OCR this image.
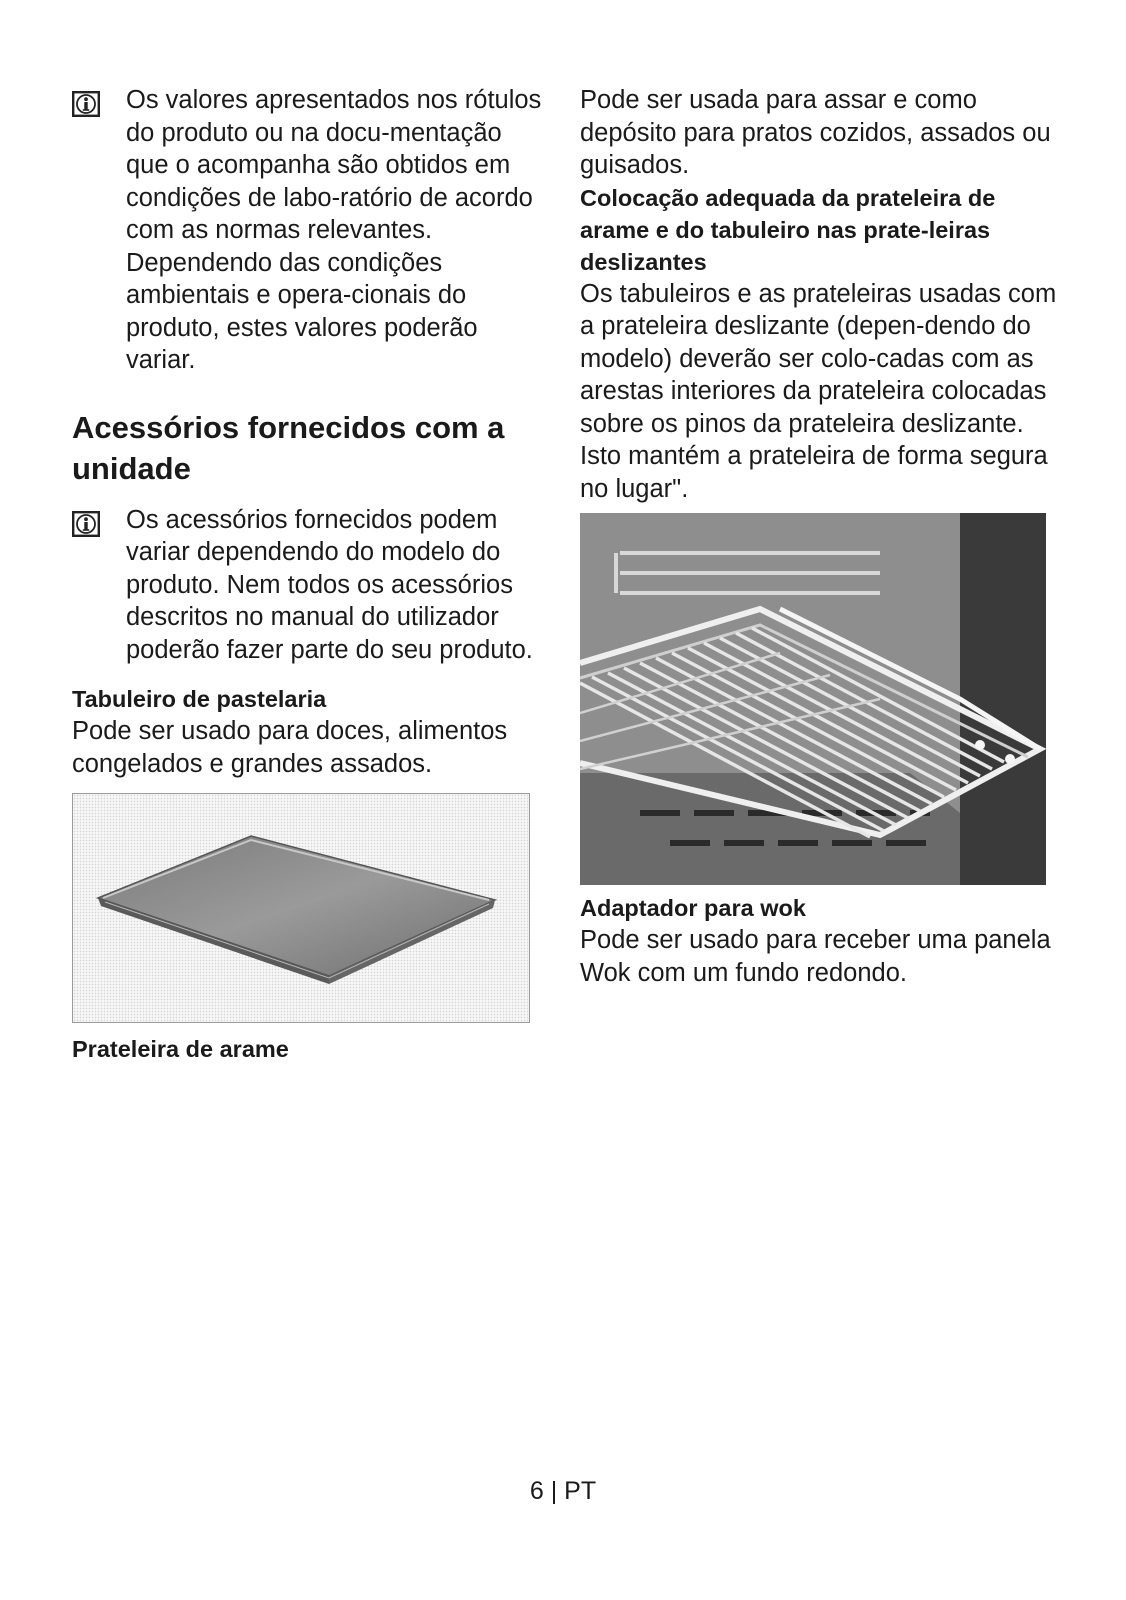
Os valores apresentados nos rótulos do produto ou na docu-mentação que o acompanha são obtidos em condições de labo-ratório de acordo com as normas relevantes. Dependendo das condições ambientais e opera-cionais do produto, estes valores poderão variar.

Acessórios fornecidos com a unidade

Os acessórios fornecidos podem variar dependendo do modelo do produto. Nem todos os acessórios descritos no manual do utilizador poderão fazer parte do seu produto.

Tabuleiro de pastelaria

Pode ser usado para doces, alimentos congelados e grandes assados.

Prateleira de arame

Pode ser usada para assar e como depósito para pratos cozidos, assados ou guisados.

Colocação adequada da prateleira de arame e do tabuleiro nas prate-leiras deslizantes

Os tabuleiros e as prateleiras usadas com a prateleira deslizante (depen-dendo do modelo) deverão ser colo-cadas com as arestas interiores da prateleira colocadas sobre os pinos da prateleira deslizante. Isto mantém a prateleira de forma segura no lugar".

Adaptador para wok

Pode ser usado para receber uma panela Wok com um fundo redondo.

6 | PT
